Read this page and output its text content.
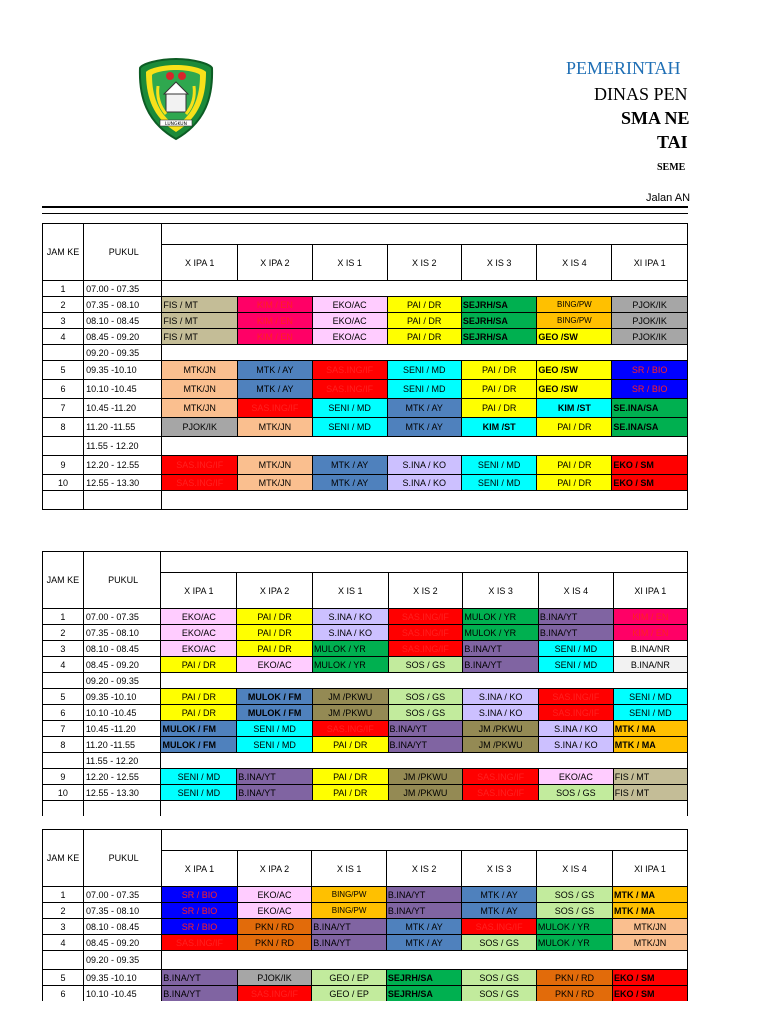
LUNGKUN
PEMERINTAH
DINAS PEN
SMA NE
TAI
SEME
Jalan AN
JAM KE	PUKUL							
		X IPA 1	X IPA 2	X IS 1	X IS 2	X IS 3	X IS 4	XI IPA 1
1	07.00 - 07.35							
2	07.35 - 08.10	FIS / MT	KIM / EN	EKO/AC	PAI / DR	SEJRH/SA	BING/PW	PJOK/IK
3	08.10 - 08.45	FIS / MT	KIM / EN	EKO/AC	PAI / DR	SEJRH/SA	BING/PW	PJOK/IK
4	08.45 - 09.20	FIS / MT	KIM / EN	EKO/AC	PAI / DR	SEJRH/SA	GEO /SW	PJOK/IK
	09.20 - 09.35							
5	09.35 -10.10	MTK/JN	MTK / AY	SAS.ING/IF	SENI / MD	PAI / DR	GEO /SW	SR / BIO
6	10.10 -10.45	MTK/JN	MTK / AY	SAS.ING/IF	SENI / MD	PAI / DR	GEO /SW	SR / BIO
7	10.45 -11.20	MTK/JN	SAS.ING/IF	SENI / MD	MTK / AY	PAI / DR	KIM /ST	SE.INA/SA
8	11.20 -11.55	PJOK/IK	MTK/JN	SENI / MD	MTK / AY	KIM /ST	PAI / DR	SE.INA/SA
	11.55 - 12.20							
9	12.20 - 12.55	SAS.ING/IF	MTK/JN	MTK / AY	S.INA / KO	SENI / MD	PAI / DR	EKO / SM
10	12.55 - 13.30	SAS.ING/IF	MTK/JN	MTK / AY	S.INA / KO	SENI / MD	PAI / DR	EKO / SM

JAM KE	PUKUL							
		X IPA 1	X IPA 2	X IS 1	X IS 2	X IS 3	X IS 4	XI IPA 1
1	07.00 - 07.35	EKO/AC	PAI / DR	S.INA / KO	SAS.ING/IF	MULOK / YR	B.INA/YT	KIM / EN
2	07.35 - 08.10	EKO/AC	PAI / DR	S.INA / KO	SAS.ING/IF	MULOK / YR	B.INA/YT	KIM / EN
3	08.10 - 08.45	EKO/AC	PAI / DR	MULOK / YR	SAS.ING/IF	B.INA/YT	SENI / MD	B.INA/NR
4	08.45 - 09.20	PAI / DR	EKO/AC	MULOK / YR	SOS / GS	B.INA/YT	SENI / MD	B.INA/NR
	09.20 - 09.35							
5	09.35 -10.10	PAI / DR	MULOK / FM	JM /PKWU	SOS / GS	S.INA / KO	SAS.ING/IF	SENI / MD
6	10.10 -10.45	PAI / DR	MULOK / FM	JM /PKWU	SOS / GS	S.INA / KO	SAS.ING/IF	SENI / MD
7	10.45 -11.20	MULOK / FM	SENI / MD	SAS.ING/IF	B.INA/YT	JM /PKWU	S.INA / KO	MTK / MA
8	11.20 -11.55	MULOK / FM	SENI / MD	PAI / DR	B.INA/YT	JM /PKWU	S.INA / KO	MTK / MA
	11.55 - 12.20							
9	12.20 - 12.55	SENI / MD	B.INA/YT	PAI / DR	JM /PKWU	SAS.ING/IF	EKO/AC	FIS / MT
10	12.55 - 13.30	SENI / MD	B.INA/YT	PAI / DR	JM /PKWU	SAS.ING/IF	SOS / GS	FIS / MT

JAM KE	PUKUL							
		X IPA 1	X IPA 2	X IS 1	X IS 2	X IS 3	X IS 4	XI IPA 1
1	07.00 - 07.35	SR / BIO	EKO/AC	BING/PW	B.INA/YT	MTK / AY	SOS / GS	MTK / MA
2	07.35 - 08.10	SR / BIO	EKO/AC	BING/PW	B.INA/YT	MTK / AY	SOS / GS	MTK / MA
3	08.10 - 08.45	SR / BIO	PKN / RD	B.INA/YT	MTK / AY	SAS.ING/IF	MULOK / YR	MTK/JN
4	08.45 - 09.20	SAS.ING/IF	PKN / RD	B.INA/YT	MTK / AY	SOS / GS	MULOK / YR	MTK/JN
	09.20 - 09.35							
5	09.35 -10.10	B.INA/YT	PJOK/IK	GEO / EP	SEJRH/SA	SOS / GS	PKN / RD	EKO / SM
6	10.10 -10.45	B.INA/YT	SAS.ING/IF	GEO / EP	SEJRH/SA	SOS / GS	PKN / RD	EKO / SM
